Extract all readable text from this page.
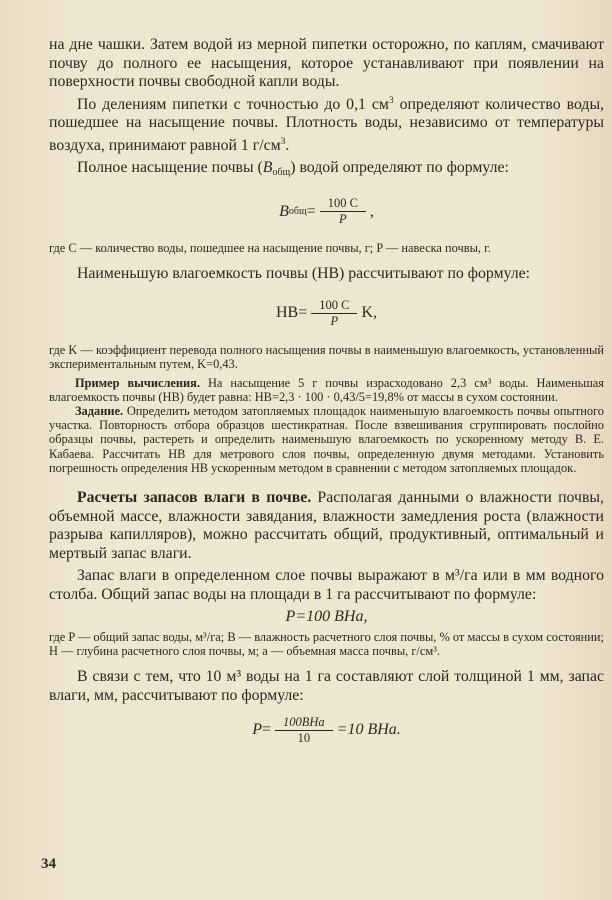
на дне чашки. Затем водой из мерной пипетки осторожно, по каплям, смачивают почву до полного ее насыщения, которое устанавливают при появлении на поверхности почвы свободной капли воды.

По делениям пипетки с точностью до 0,1 $см^3$ определяют количество воды, пошедшее на насыщение почвы. Плотность воды, независимо от температуры воздуха, принимают равной 1 $г/см^3$.

Полное насыщение почвы $(B_{общ})$ водой определяют по формуле:

B общ = $\frac{100 C}{P}$ ,

где C — количество воды, пошедшее на насыщение почвы, г; P — навеска почвы, г.

Наименьшую влагоемкость почвы (НВ) рассчитывают по формуле:

НВ = $\frac{100 C}{P} K$,

где K — коэффициент перевода полного насыщения почвы в наименьшую влагоемкость, установленный экспериментальным путем, K=0,43.

Пример вычисления. На насыщение 5 г почвы израсходовано 2,3 см³ воды. Наименьшая влагоемкость почвы (НВ) будет равна: НВ=2,3 · 100 · 0,43/5=19,8% от массы в сухом состоянии.

Задание. Определить методом затопляемых площадок наименьшую влагоемкость почвы опытного участка. Повторность отбора образцов шестикратная. После взвешивания сгруппировать послойно образцы почвы, растереть и определить наименьшую влагоемкость по ускоренному методу В. Е. Кабаева. Рассчитать НВ для метрового слоя почвы, определенную двумя методами. Установить погрешность определения НВ ускоренным методом в сравнении с методом затопляемых площадок.

Расчеты запасов влаги в почве. Располагая данными о влажности почвы, объемной массе, влажности завядания, влажности замедления роста (влажности разрыва капилляров), можно рассчитать общий, продуктивный, оптимальный и мертвый запас влаги.

Запас влаги в определенном слое почвы выражают в м³/га или в мм водного столба. Общий запас воды на площади в 1 га рассчитывают по формуле:

P=100 BHa,

где P — общий запас воды, м³/га; B — влажность расчетного слоя почвы, % от массы в сухом состоянии; H — глубина расчетного слоя почвы, м; a — объемная масса почвы, г/см³.

В связи с тем, что 10 м³ воды на 1 га составляют слой толщиной 1 мм, запас влаги, мм, рассчитывают по формуле:

$P = \frac{\text{100BHa}}{10} =10$ BHa.
34
